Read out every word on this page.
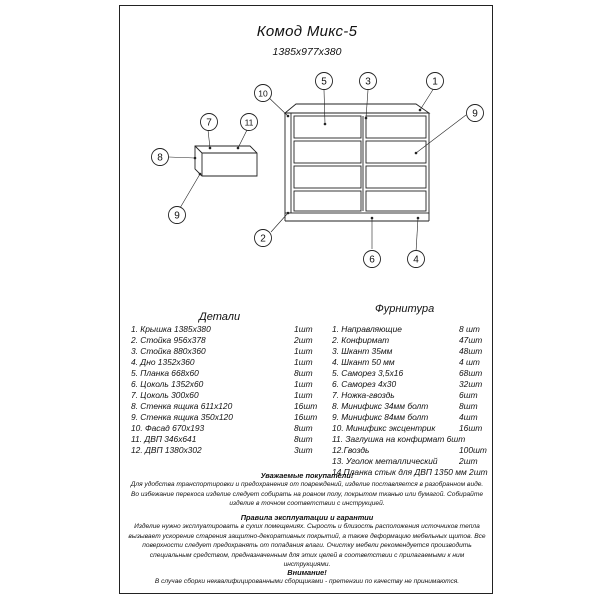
Комод Микс-5
1385х977х380
1
10
5	3
9
7	11
8
9
2
6	4
Детали
1. Крышка 1385х380	1шт
2. Стойка 956х378	2шт
3. Стойка 880х360	1шт
4. Дно 1352х360	1шт
5. Планка 668х60	8шт
6. Цоколь 1352х60	1шт
7. Цоколь 300х60	1шт
8. Стенка ящика 611х120	16шт
9. Стенка ящика 350х120	16шт
10. Фасад 670х193	8шт
11. ДВП 346х641	8шт
12. ДВП 1380х302	3шт
Фурнитура
1. Направляющие	8 шт
2. Конфирмат	47шт
3. Шкант 35мм	48шт
4. Шкант 50 мм	4 шт
5. Саморез 3,5х16	68шт
6. Саморез 4х30	32шт
7. Ножка-гвоздь	6шт
8. Минификс 34мм болт	8шт
9. Минификс 84мм болт	4шт
10. Минификс эксцентрик	16шт
11. Заглушка на конфирмат 6шт
12.Гвоздь	100шт
13. Уголок металлический	2шт
14.Планка стык для ДВП 1350 мм 2шт
Уважаемые покупатели!
Для удобства транспортировки и предохранения от повреждений, изделие поставляется в разобранном виде. Во избежание перекоса изделие следует собирать на ровном полу, покрытом тканью или бумагой. Собирайте изделие в точном соответствии с инструкцией.
Правила эксплуатации и гарантии
Изделие нужно эксплуатировать в сухих помещениях. Сырость и близость расположения источников тепла вызывает ускорение старения защитно-декоративных покрытий, а также деформацию мебельных щитов. Все поверхности следует предохранять от попадания влаги. Очистку мебели рекомендуется производить специальным средством, предназначенным для этих целей в соответствии с прилагаемыми к ним инструкциями.
Внимание!
В случае сборки неквалифицированными сборщиками - претензии по качеству не принимаются.
